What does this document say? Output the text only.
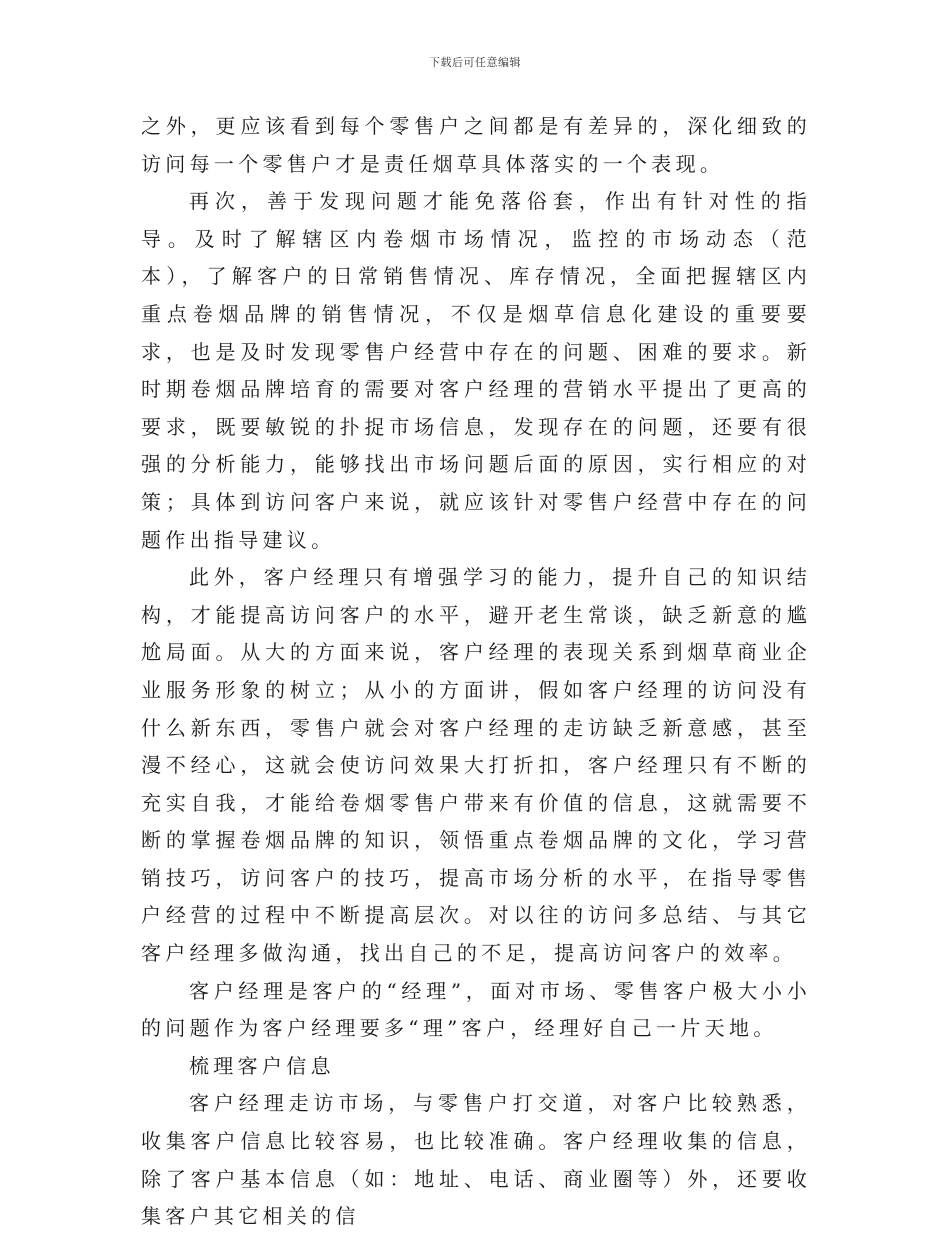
下载后可任意编辑

之外，更应该看到每个零售户之间都是有差异的，深化细致的访问每一个零售户才是责任烟草具体落实的一个表现。

再次，善于发现问题才能免落俗套，作出有针对性的指导。及时了解辖区内卷烟市场情况，监控的市场动态（范本），了解客户的日常销售情况、库存情况，全面把握辖区内重点卷烟品牌的销售情况，不仅是烟草信息化建设的重要要求，也是及时发现零售户经营中存在的问题、困难的要求。新时期卷烟品牌培育的需要对客户经理的营销水平提出了更高的要求，既要敏锐的扑捉市场信息，发现存在的问题，还要有很强的分析能力，能够找出市场问题后面的原因，实行相应的对策；具体到访问客户来说，就应该针对零售户经营中存在的问题作出指导建议。

此外，客户经理只有增强学习的能力，提升自己的知识结构，才能提高访问客户的水平，避开老生常谈，缺乏新意的尴尬局面。从大的方面来说，客户经理的表现关系到烟草商业企业服务形象的树立；从小的方面讲，假如客户经理的访问没有什么新东西，零售户就会对客户经理的走访缺乏新意感，甚至漫不经心，这就会使访问效果大打折扣，客户经理只有不断的充实自我，才能给卷烟零售户带来有价值的信息，这就需要不断的掌握卷烟品牌的知识，领悟重点卷烟品牌的文化，学习营销技巧，访问客户的技巧，提高市场分析的水平，在指导零售户经营的过程中不断提高层次。对以往的访问多总结、与其它客户经理多做沟通，找出自己的不足，提高访问客户的效率。

客户经理是客户的“经理”，面对市场、零售客户极大小小的问题作为客户经理要多“理”客户，经理好自己一片天地。

梳理客户信息

客户经理走访市场，与零售户打交道，对客户比较熟悉，收集客户信息比较容易，也比较准确。客户经理收集的信息，除了客户基本信息（如：地址、电话、商业圈等）外，还要收集客户其它相关的信
